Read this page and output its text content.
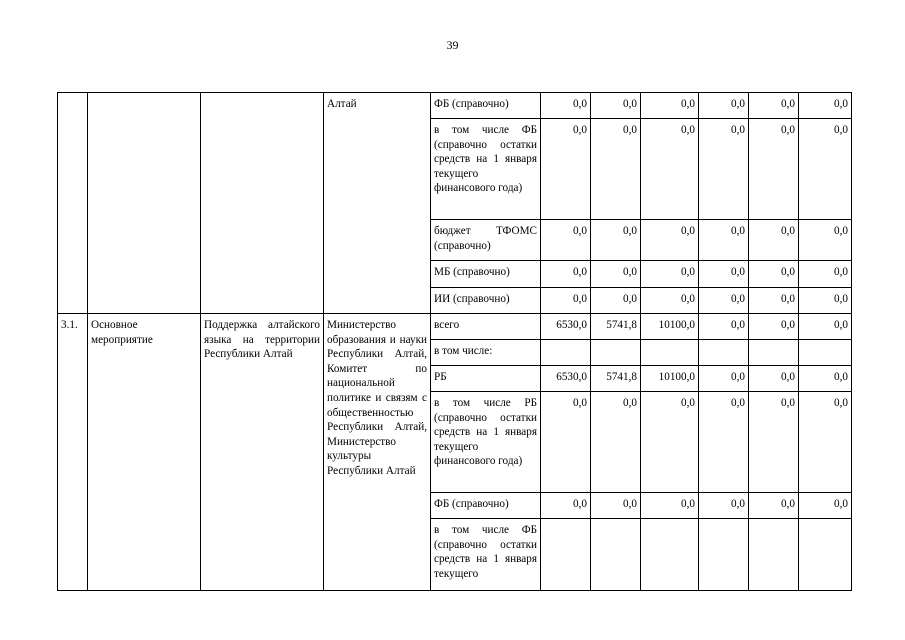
39
			Алтай	ФБ (справочно)	0,0	0,0	0,0	0,0	0,0	0,0
				в том числе ФБ (справочно остатки средств на 1 января текущего финансового года)	0,0	0,0	0,0	0,0	0,0	0,0
				бюджет ТФОМС (справочно)	0,0	0,0	0,0	0,0	0,0	0,0
				МБ (справочно)	0,0	0,0	0,0	0,0	0,0	0,0
				ИИ (справочно)	0,0	0,0	0,0	0,0	0,0	0,0
3.1.	Основное мероприятие	Поддержка алтайского языка на территории Республики Алтай	Министерство образования и науки Республики Алтай, Комитет по национальной политике и связям с общественностью Республики Алтай, Министерство культуры Республики Алтай	всего	6530,0	5741,8	10100,0	0,0	0,0	0,0
				в том числе:						
				РБ	6530,0	5741,8	10100,0	0,0	0,0	0,0
				в том числе РБ (справочно остатки средств на 1 января текущего финансового года)	0,0	0,0	0,0	0,0	0,0	0,0
				ФБ (справочно)	0,0	0,0	0,0	0,0	0,0	0,0
				в том числе ФБ (справочно остатки средств на 1 января текущего						
